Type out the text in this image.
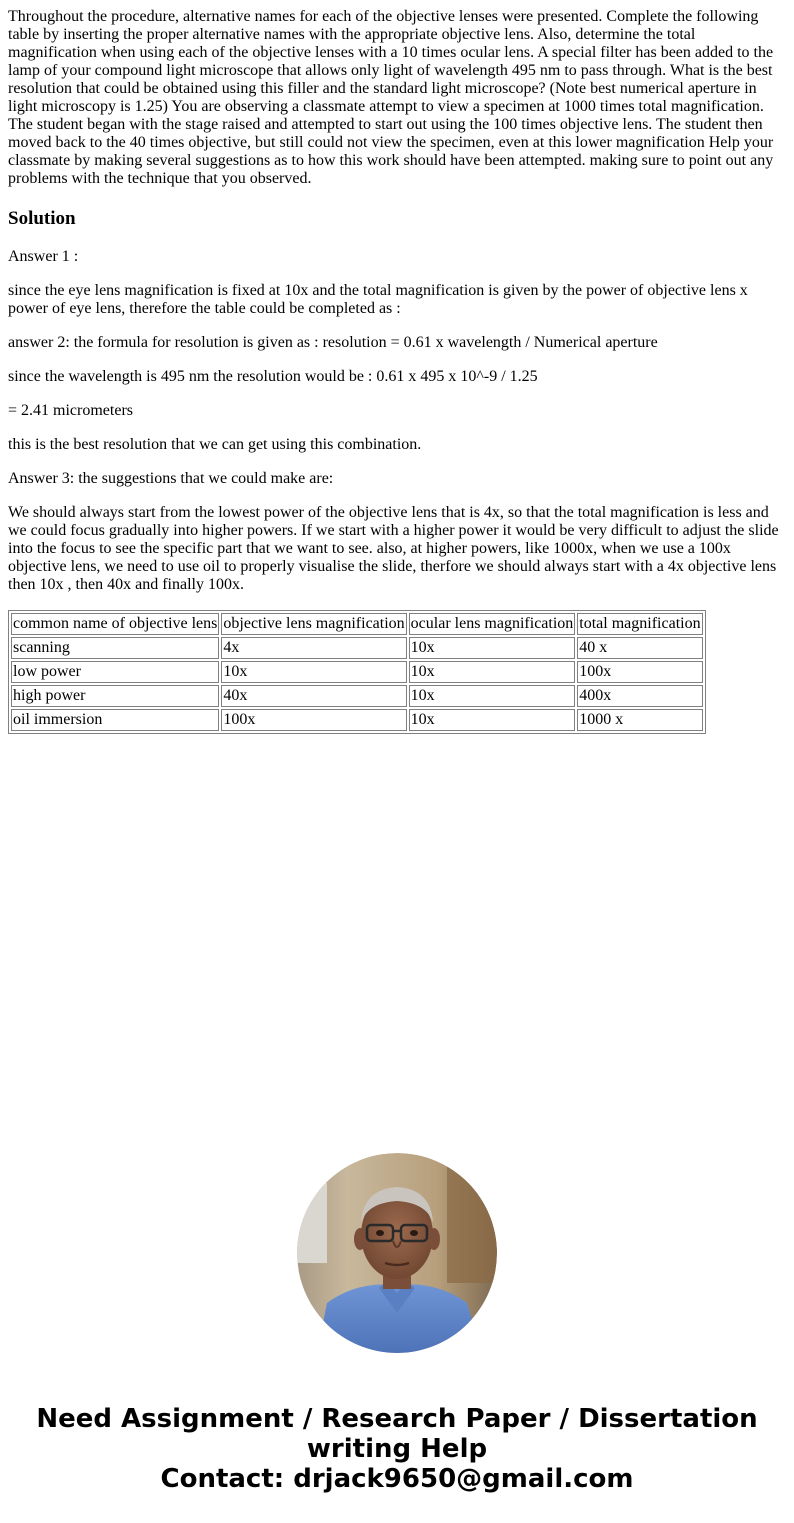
Throughout the procedure, alternative names for each of the objective lenses were presented. Complete the following table by inserting the proper alternative names with the appropriate objective lens. Also, determine the total magnification when using each of the objective lenses with a 10 times ocular lens. A special filter has been added to the lamp of your compound light microscope that allows only light of wavelength 495 nm to pass through. What is the best resolution that could be obtained using this filler and the standard light microscope? (Note best numerical aperture in light microscopy is 1.25) You are observing a classmate attempt to view a specimen at 1000 times total magnification. The student began with the stage raised and attempted to start out using the 100 times objective lens. The student then moved back to the 40 times objective, but still could not view the specimen, even at this lower magnification Help your classmate by making several suggestions as to how this work should have been attempted. making sure to point out any problems with the technique that you observed.

Solution

Answer 1 :

since the eye lens magnification is fixed at 10x and the total magnification is given by the power of objective lens x power of eye lens, therefore the table could be completed as :

answer 2: the formula for resolution is given as : resolution = 0.61 x wavelength / Numerical aperture

since the wavelength is 495 nm the resolution would be : 0.61 x 495 x 10^-9 / 1.25

= 2.41 micrometers

this is the best resolution that we can get using this combination.

Answer 3: the suggestions that we could make are:

We should always start from the lowest power of the objective lens that is 4x, so that the total magnification is less and we could focus gradually into higher powers. If we start with a higher power it would be very difficult to adjust the slide into the focus to see the specific part that we want to see. also, at higher powers, like 1000x, when we use a 100x objective lens, we need to use oil to properly visualise the slide, therfore we should always start with a 4x objective lens then 10x , then 40x and finally 100x.

common name of objective lens	objective lens magnification	ocular lens magnification	total magnification
scanning	4x	10x	40 x
low power	10x	10x	100x
high power	40x	10x	400x
oil immersion	100x	10x	1000 x
Need Assignment / Research Paper / Dissertation
writing Help
Contact: drjack9650@gmail.com
